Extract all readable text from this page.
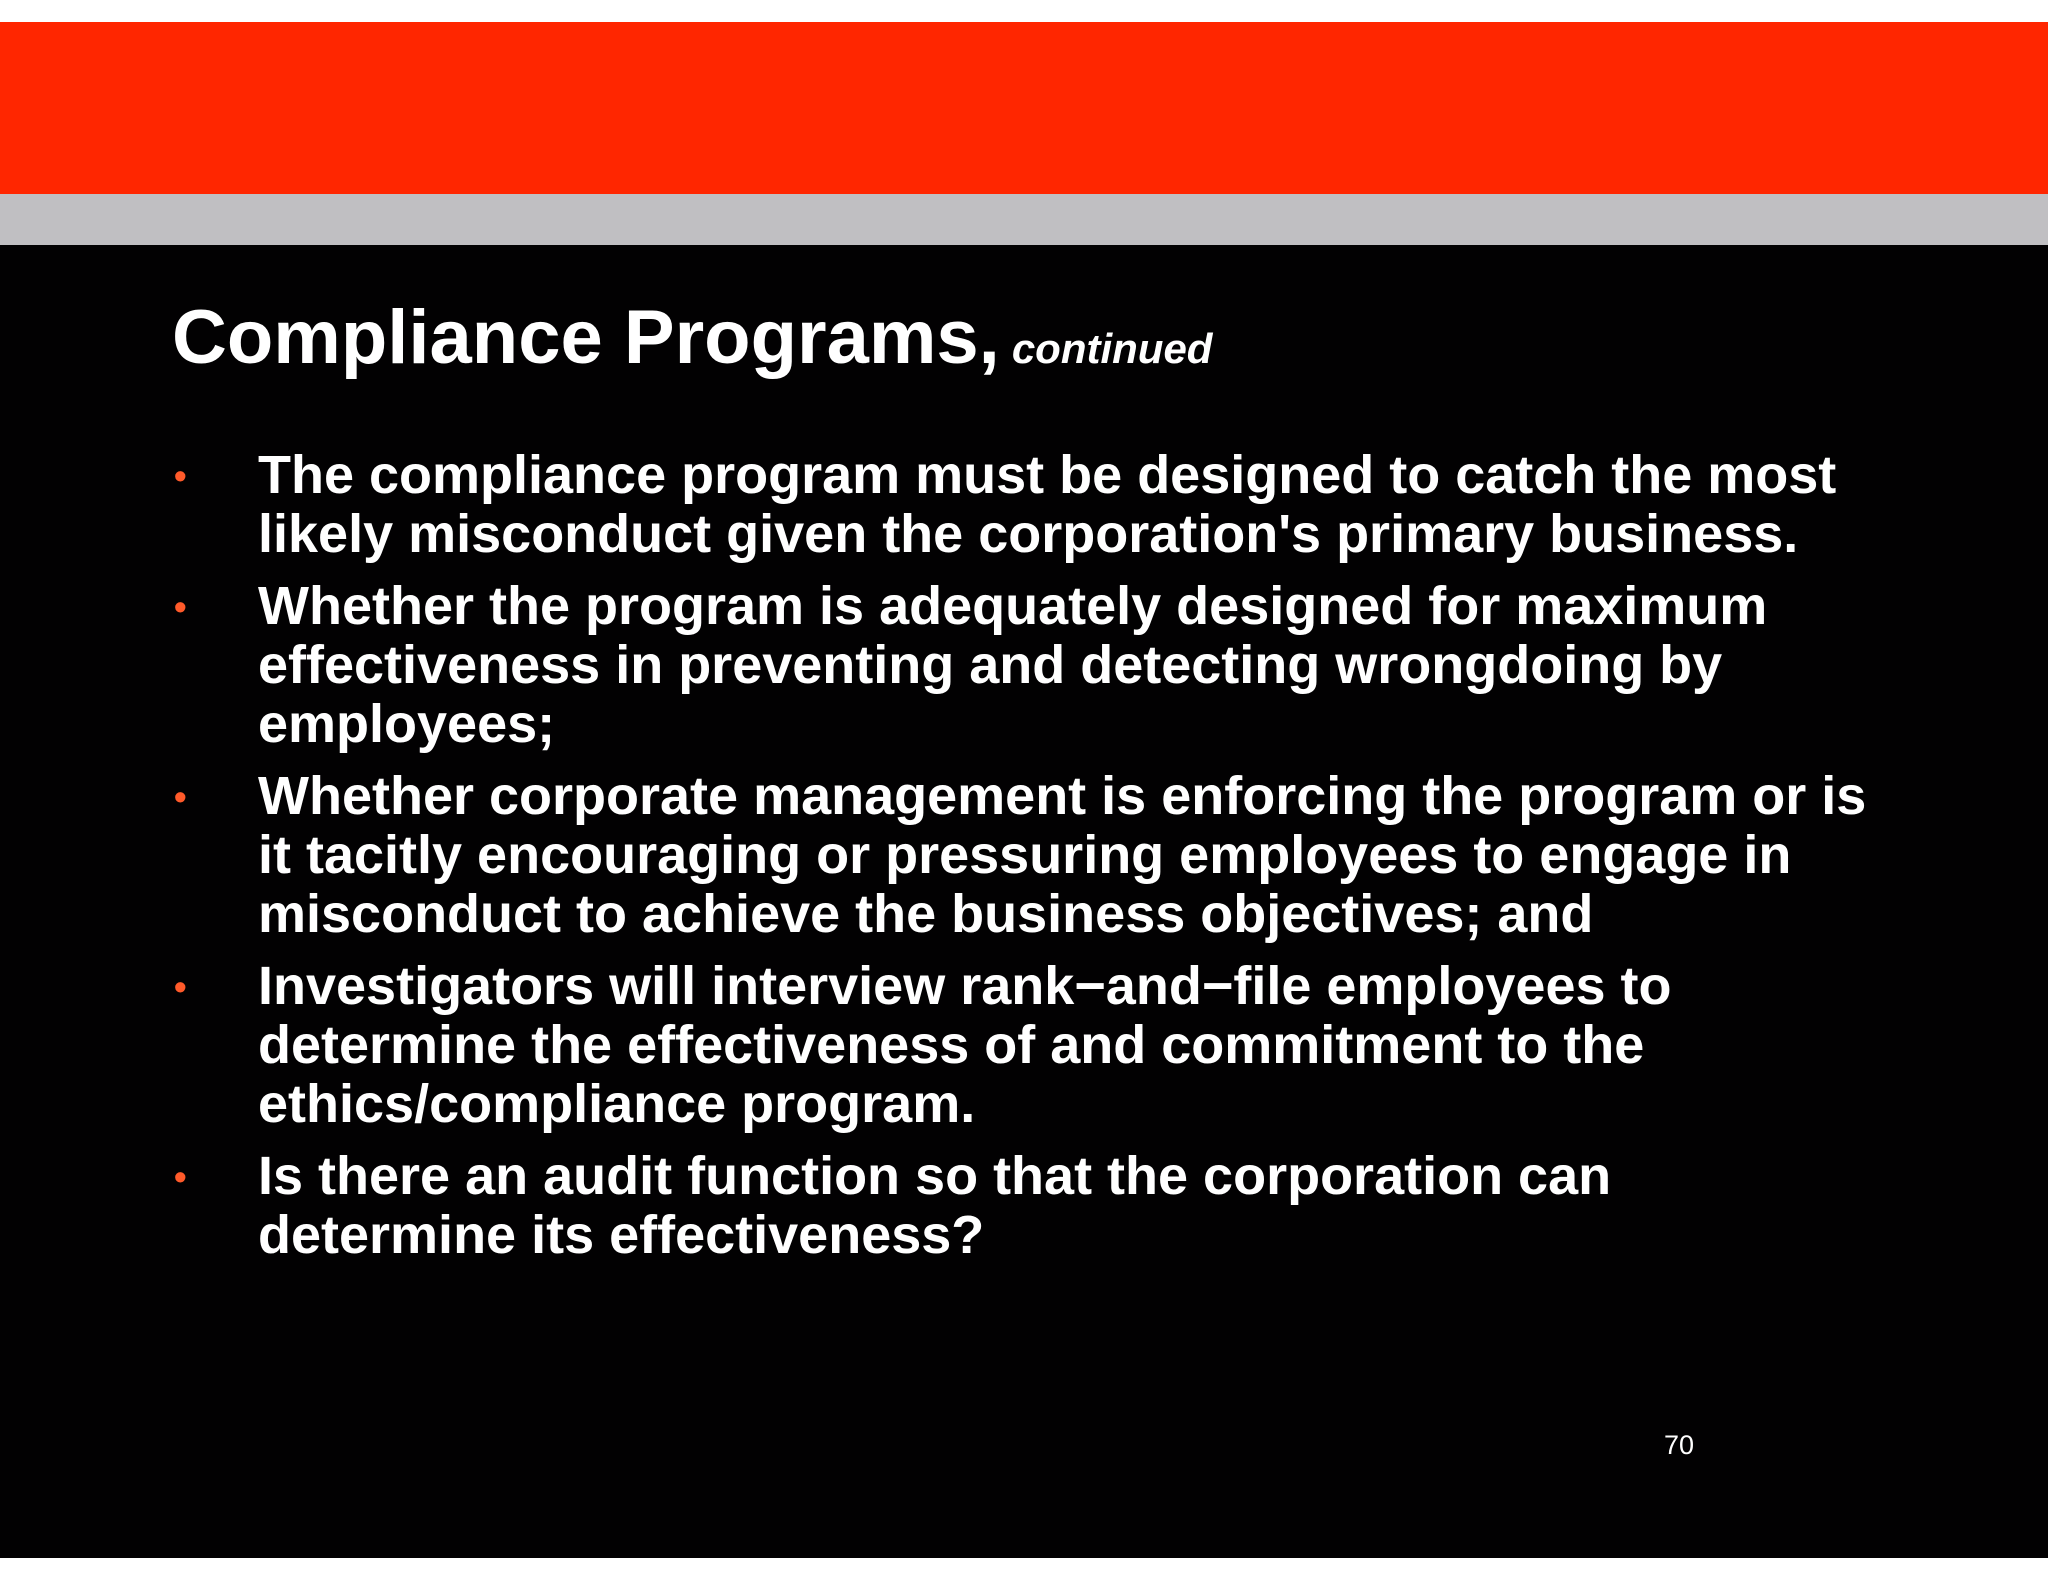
Compliance Programs, continued
• The compliance program must be designed to catch the most likely misconduct given the corporation's primary business.
• Whether the program is adequately designed for maximum effectiveness in preventing and detecting wrongdoing by employees;
• Whether corporate management is enforcing the program or is it tacitly encouraging or pressuring employees to engage in misconduct to achieve the business objectives; and
• Investigators will interview rank−and−file employees to determine the effectiveness of and commitment to the ethics/compliance program.
• Is there an audit function so that the corporation can determine its effectiveness?
70
